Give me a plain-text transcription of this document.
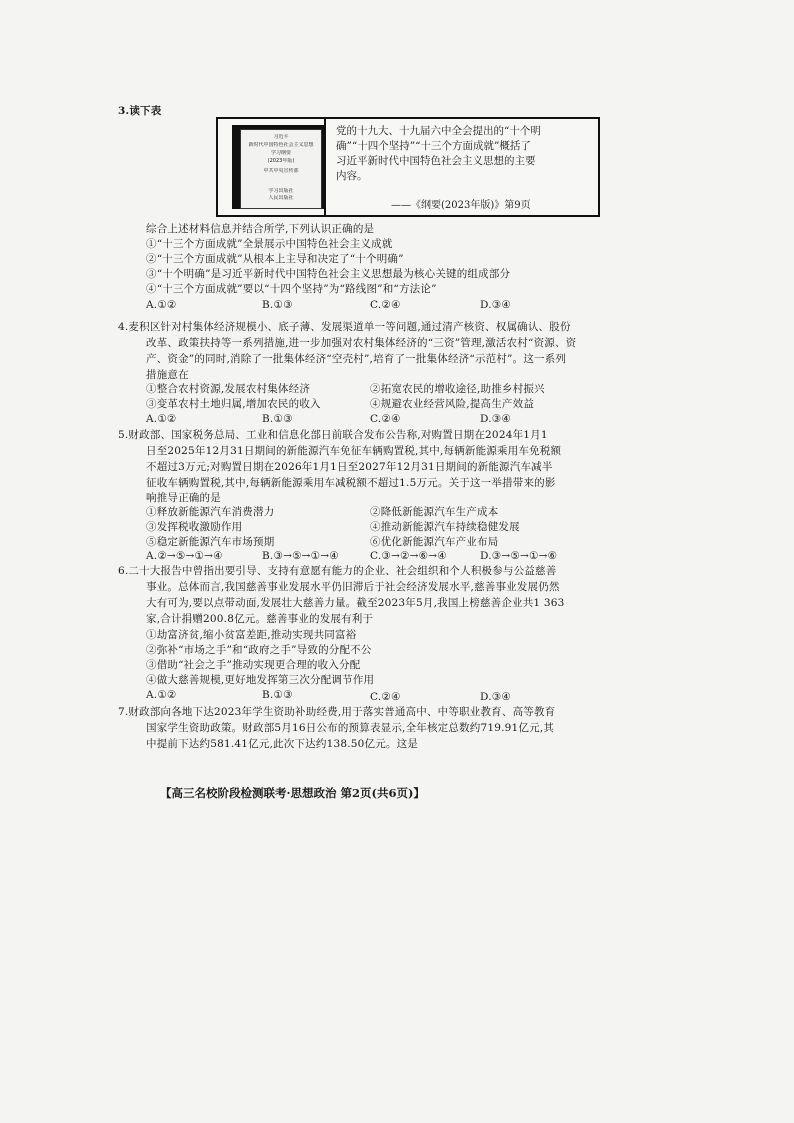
3.读下表
习近平
新时代中国特色社会主义思想
学习纲要
(2023年版)
中共中央宣传部
学习出版社
人民出版社
党的十九大、十九届六中全会提出的“十个明
确”“十四个坚持”“十三个方面成就”概括了
习近平新时代中国特色社会主义思想的主要
内容。
——《纲要(2023年版)》第9页
综合上述材料信息并结合所学,下列认识正确的是
①“十三个方面成就”全景展示中国特色社会主义成就
②“十三个方面成就”从根本上主导和决定了“十个明确”
③“十个明确”是习近平新时代中国特色社会主义思想最为核心关键的组成部分
④“十三个方面成就”要以“十四个坚持”为“路线图”和“方法论”
A.①②	B.①③	C.②④	D.③④
4.麦积区针对村集体经济规模小、底子薄、发展渠道单一等问题,通过清产核资、权属确认、股份
改革、政策扶持等一系列措施,进一步加强对农村集体经济的“三资”管理,激活农村“资源、资
产、资金”的同时,消除了一批集体经济“空壳村”,培育了一批集体经济“示范村”。这一系列
措施意在
①整合农村资源,发展农村集体经济	②拓宽农民的增收途径,助推乡村振兴
③变革农村土地归属,增加农民的收入	④规避农业经营风险,提高生产效益
A.①②	B.①③	C.②④	D.③④
5.财政部、国家税务总局、工业和信息化部日前联合发布公告称,对购置日期在2024年1月1
日至2025年12月31日期间的新能源汽车免征车辆购置税,其中,每辆新能源乘用车免税额
不超过3万元;对购置日期在2026年1月1日至2027年12月31日期间的新能源汽车减半
征收车辆购置税,其中,每辆新能源乘用车减税额不超过1.5万元。关于这一举措带来的影
响推导正确的是
①释放新能源汽车消费潜力	②降低新能源汽车生产成本
③发挥税收激励作用	④推动新能源汽车持续稳健发展
⑤稳定新能源汽车市场预期	⑥优化新能源汽车产业布局
A.②→⑤→①→④	B.③→⑤→①→④	C.③→②→⑥→④	D.③→⑤→①→⑥
6.二十大报告中曾指出要引导、支持有意愿有能力的企业、社会组织和个人积极参与公益慈善
事业。总体而言,我国慈善事业发展水平仍旧滞后于社会经济发展水平,慈善事业发展仍然
大有可为,要以点带动面,发展壮大慈善力量。截至2023年5月,我国上榜慈善企业共1 363
家,合计捐赠200.8亿元。慈善事业的发展有利于
①劫富济贫,缩小贫富差距,推动实现共同富裕
②弥补“市场之手”和“政府之手”导致的分配不公
③借助“社会之手”推动实现更合理的收入分配
④做大慈善规模,更好地发挥第三次分配调节作用
A.①②	B.①③	C.②④	D.③④
7.财政部向各地下达2023年学生资助补助经费,用于落实普通高中、中等职业教育、高等教育
国家学生资助政策。财政部5月16日公布的预算表显示,全年核定总数约719.91亿元,其
中提前下达约581.41亿元,此次下达约138.50亿元。这是
【高三名校阶段检测联考·思想政治 第2页(共6页)】
